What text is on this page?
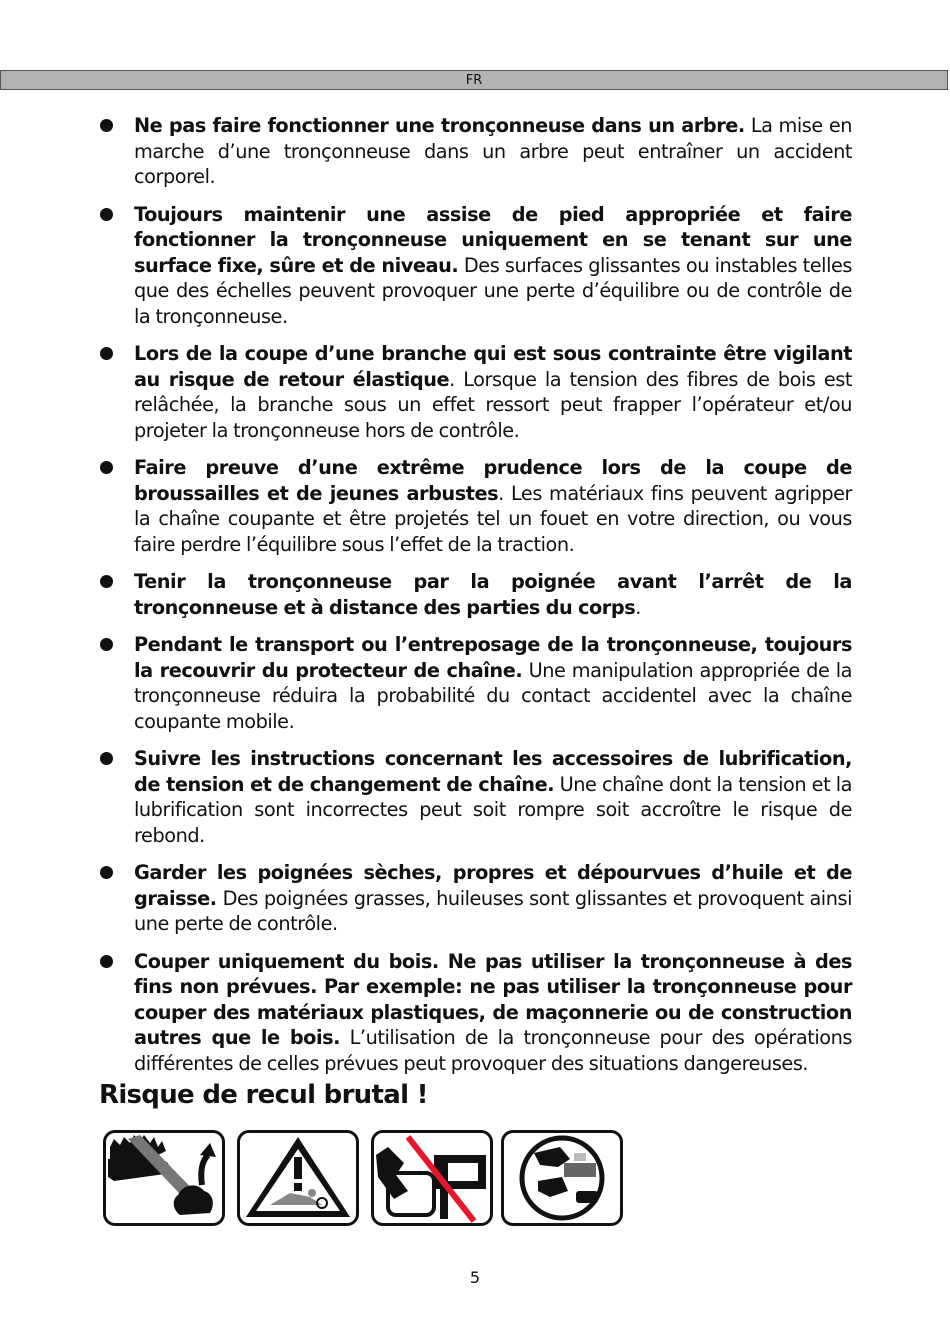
FR

Ne pas faire fonctionner une tronçonneuse dans un arbre. La mise en marche d’une tronçonneuse dans un arbre peut entraîner un accident corporel.

Toujours maintenir une assise de pied appropriée et faire fonctionner la tronçonneuse uniquement en se tenant sur une surface fixe, sûre et de niveau. Des surfaces glissantes ou instables telles que des échelles peuvent provoquer une perte d’équilibre ou de contrôle de la tronçonneuse.

Lors de la coupe d’une branche qui est sous contrainte être vigilant au risque de retour élastique. Lorsque la tension des fibres de bois est relâchée, la branche sous un effet ressort peut frapper l’opérateur et/ou projeter la tronçonneuse hors de contrôle.

Faire preuve d’une extrême prudence lors de la coupe de broussailles et de jeunes arbustes. Les matériaux fins peuvent agripper la chaîne coupante et être projetés tel un fouet en votre direction, ou vous faire perdre l’équilibre sous l’effet de la traction.

Tenir la tronçonneuse par la poignée avant l’arrêt de la tronçonneuse et à distance des parties du corps.

Pendant le transport ou l’entreposage de la tronçonneuse, toujours la recouvrir du protecteur de chaîne. Une manipulation appropriée de la tronçonneuse réduira la probabilité du contact accidentel avec la chaîne coupante mobile.

Suivre les instructions concernant les accessoires de lubrification, de tension et de changement de chaîne. Une chaîne dont la tension et la lubrification sont incorrectes peut soit rompre soit accroître le risque de rebond.

Garder les poignées sèches, propres et dépourvues d’huile et de graisse. Des poignées grasses, huileuses sont glissantes et provoquent ainsi une perte de contrôle.

Couper uniquement du bois. Ne pas utiliser la tronçonneuse à des fins non prévues. Par exemple: ne pas utiliser la tronçonneuse pour couper des matériaux plastiques, de maçonnerie ou de construction autres que le bois. L’utilisation de la tronçonneuse pour des opérations différentes de celles prévues peut provoquer des situations dangereuses.

Risque de recul brutal !
5
